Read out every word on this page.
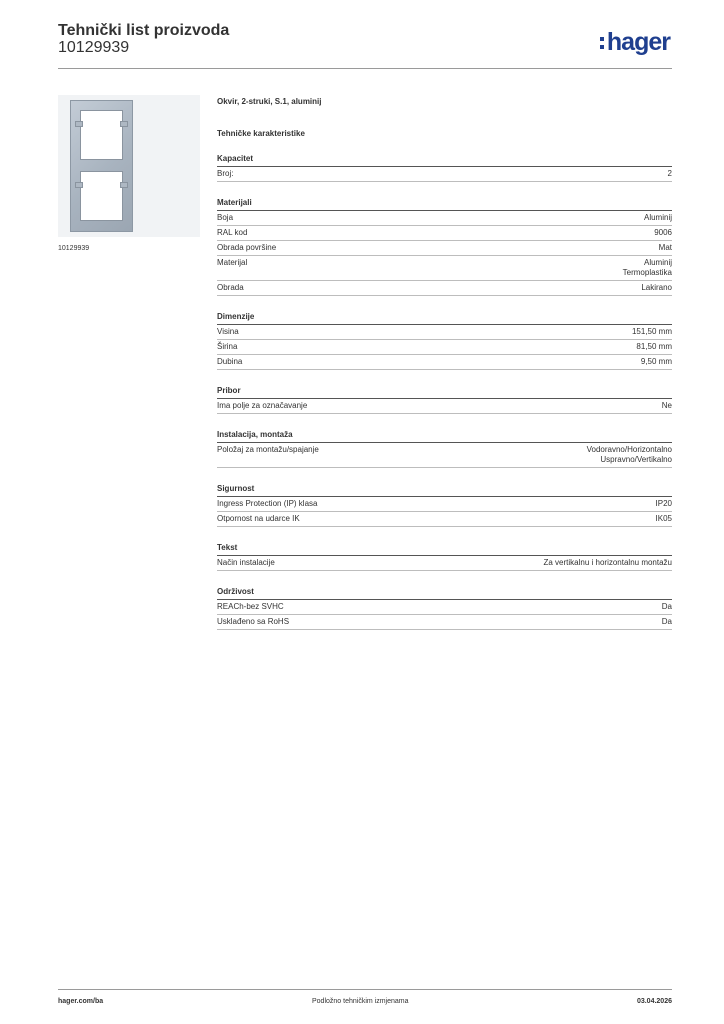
Tehnički list proizvoda
10129939	hager
10129939
Okvir, 2-struki, S.1, aluminij
Tehničke karakteristike
Kapacitet
Broj:	2
Materijali
Boja	Aluminij
RAL kod	9006
Obrada površine	Mat
Materijal	Aluminij
Termoplastika
Obrada	Lakirano
Dimenzije
Visina	151,50 mm
Širina	81,50 mm
Dubina	9,50 mm
Pribor
Ima polje za označavanje	Ne
Instalacija, montaža
Položaj za montažu/spajanje	Vodoravno/Horizontalno
Uspravno/Vertikalno
Sigurnost
Ingress Protection (IP) klasa	IP20
Otpornost na udarce IK	IK05
Tekst
Način instalacije	Za vertikalnu i horizontalnu montažu
Održivost
REACh-bez SVHC	Da
Usklađeno sa RoHS	Da
hager.com/ba	Podložno tehničkim izmjenama	03.04.2026
